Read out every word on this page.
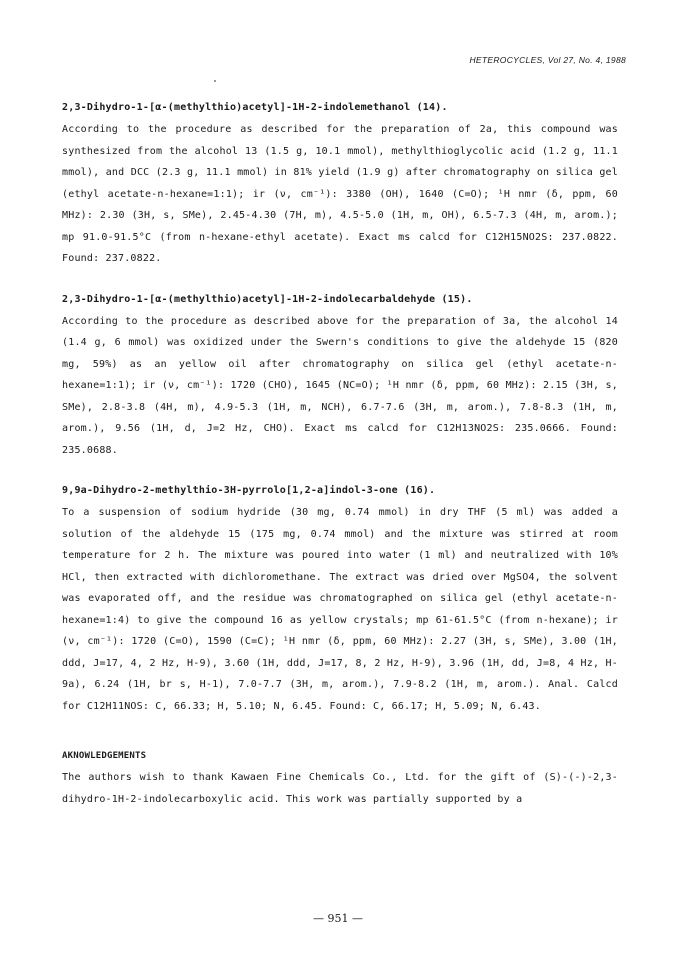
HETEROCYCLES, Vol 27, No. 4, 1988

2,3-Dihydro-1-[α-(methylthio)acetyl]-1H-2-indolemethanol (14).

According to the procedure as described for the preparation of 2a, this compound was synthesized from the alcohol 13 (1.5 g, 10.1 mmol), methylthioglycolic acid (1.2 g, 11.1 mmol), and DCC (2.3 g, 11.1 mmol) in 81% yield (1.9 g) after chromatography on silica gel (ethyl acetate-n-hexane=1:1); ir (ν, cm⁻¹): 3380 (OH), 1640 (C=O); ¹H nmr (δ, ppm, 60 MHz): 2.30 (3H, s, SMe), 2.45-4.30 (7H, m), 4.5-5.0 (1H, m, OH), 6.5-7.3 (4H, m, arom.); mp 91.0-91.5°C (from n-hexane-ethyl acetate). Exact ms calcd for C12H15NO2S: 237.0822. Found: 237.0822.

2,3-Dihydro-1-[α-(methylthio)acetyl]-1H-2-indolecarbaldehyde (15).

According to the procedure as described above for the preparation of 3a, the alcohol 14 (1.4 g, 6 mmol) was oxidized under the Swern's conditions to give the aldehyde 15 (820 mg, 59%) as an yellow oil after chromatography on silica gel (ethyl acetate-n-hexane=1:1); ir (ν, cm⁻¹): 1720 (CHO), 1645 (NC=O); ¹H nmr (δ, ppm, 60 MHz): 2.15 (3H, s, SMe), 2.8-3.8 (4H, m), 4.9-5.3 (1H, m, NCH), 6.7-7.6 (3H, m, arom.), 7.8-8.3 (1H, m, arom.), 9.56 (1H, d, J=2 Hz, CHO). Exact ms calcd for C12H13NO2S: 235.0666. Found: 235.0688.

9,9a-Dihydro-2-methylthio-3H-pyrrolo[1,2-a]indol-3-one (16).

To a suspension of sodium hydride (30 mg, 0.74 mmol) in dry THF (5 ml) was added a solution of the aldehyde 15 (175 mg, 0.74 mmol) and the mixture was stirred at room temperature for 2 h. The mixture was poured into water (1 ml) and neutralized with 10% HCl, then extracted with dichloromethane. The extract was dried over MgSO4, the solvent was evaporated off, and the residue was chromatographed on silica gel (ethyl acetate-n-hexane=1:4) to give the compound 16 as yellow crystals; mp 61-61.5°C (from n-hexane); ir (ν, cm⁻¹): 1720 (C=O), 1590 (C=C); ¹H nmr (δ, ppm, 60 MHz): 2.27 (3H, s, SMe), 3.00 (1H, ddd, J=17, 4, 2 Hz, H-9), 3.60 (1H, ddd, J=17, 8, 2 Hz, H-9), 3.96 (1H, dd, J=8, 4 Hz, H-9a), 6.24 (1H, br s, H-1), 7.0-7.7 (3H, m, arom.), 7.9-8.2 (1H, m, arom.). Anal. Calcd for C12H11NOS: C, 66.33; H, 5.10; N, 6.45. Found: C, 66.17; H, 5.09; N, 6.43.

AKNOWLEDGEMENTS

The authors wish to thank Kawaen Fine Chemicals Co., Ltd. for the gift of (S)-(-)-2,3-dihydro-1H-2-indolecarboxylic acid. This work was partially supported by a

— 951 —
